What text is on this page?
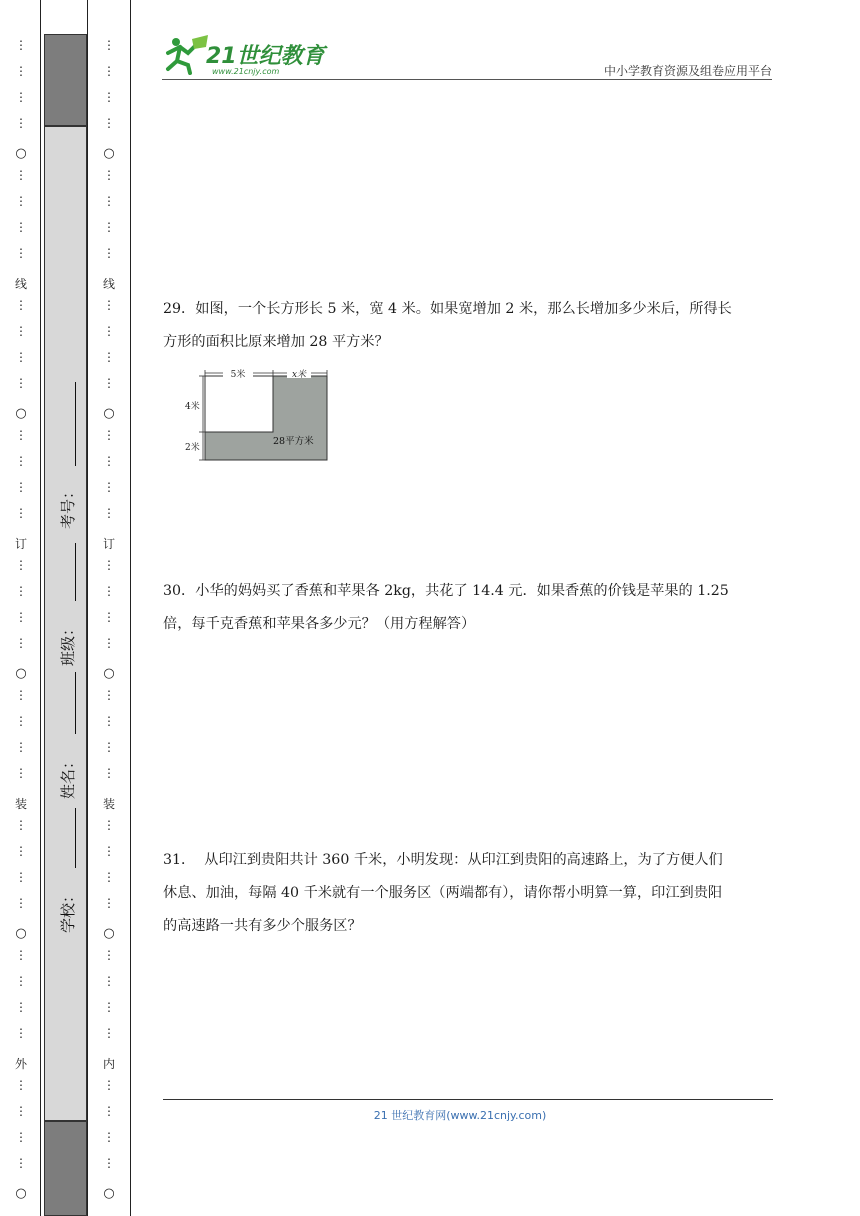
○
○
○
○
○
线
订
装
外
⋮
⋮
⋮
⋮
⋮
⋮
⋮
⋮
⋮
⋮
⋮
⋮
⋮
⋮
⋮
⋮
⋮
⋮
⋮
⋮
⋮
⋮
⋮
⋮
⋮
⋮
⋮
⋮
⋮
⋮
⋮
⋮
⋮
⋮
⋮
⋮
○
○
○
○
○
线
订
装
内
⋮
⋮
⋮
⋮
⋮
⋮
⋮
⋮
⋮
⋮
⋮
⋮
⋮
⋮
⋮
⋮
⋮
⋮
⋮
⋮
⋮
⋮
⋮
⋮
⋮
⋮
⋮
⋮
⋮
⋮
⋮
⋮
⋮
⋮
⋮
⋮
学校：
姓名：
班级：
考号：
21世纪教育
www.21cnjy.com	中小学教育资源及组卷应用平台

29．如图，一个长方形长 5 米，宽 4 米。如果宽增加 2 米，那么长增加多少米后，所得长

方形的面积比原来增加 28 平方米？

5米	x米
4米
2米
28平方米

30．小华的妈妈买了香蕉和苹果各 2kg，共花了 14.4 元．如果香蕉的价钱是苹果的 1.25

倍，每千克香蕉和苹果各多少元？（用方程解答）

31．  从印江到贵阳共计 360 千米，小明发现：从印江到贵阳的高速路上，为了方便人们

休息、加油，每隔 40 千米就有一个服务区（两端都有），请你帮小明算一算，印江到贵阳

的高速路一共有多少个服务区？

21 世纪教育网(www.21cnjy.com)
